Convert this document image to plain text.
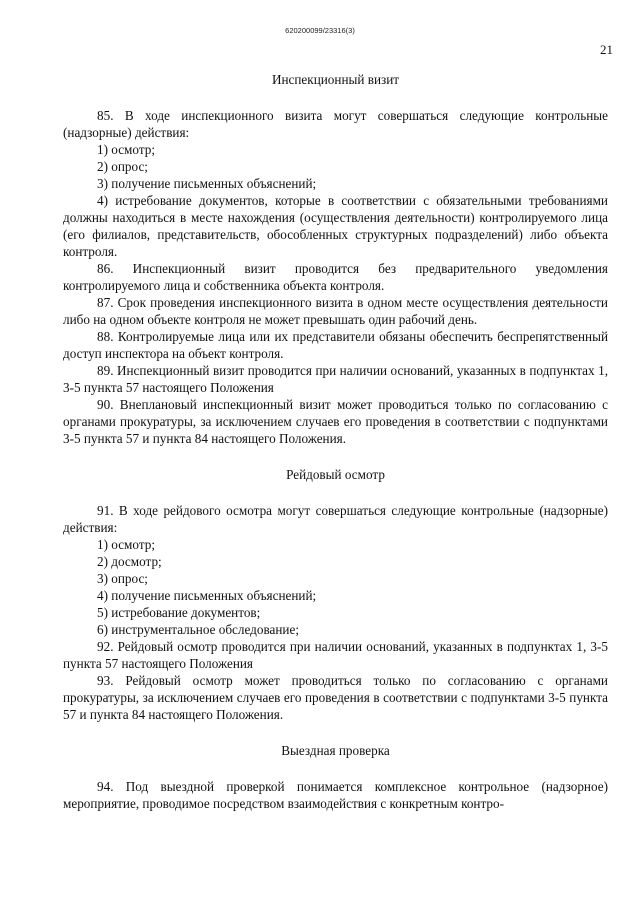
620200099/23316(3)
21
Инспекционный визит

85. В ходе инспекционного визита могут совершаться следующие контрольные (надзорные) действия:

1) осмотр;
2) опрос;
3) получение письменных объяснений;

4) истребование документов, которые в соответствии с обязательными требованиями должны находиться в месте нахождения (осуществления деятельности) контролируемого лица (его филиалов, представительств, обособленных структурных подразделений) либо объекта контроля.

86. Инспекционный визит проводится без предварительного уведомления контролируемого лица и собственника объекта контроля.

87. Срок проведения инспекционного визита в одном месте осуществления деятельности либо на одном объекте контроля не может превышать один рабочий день.

88. Контролируемые лица или их представители обязаны обеспечить беспрепятственный доступ инспектора на объект контроля.

89. Инспекционный визит проводится при наличии оснований, указанных в подпунктах 1, 3-5 пункта 57 настоящего Положения

90. Внеплановый инспекционный визит может проводиться только по согласованию с органами прокуратуры, за исключением случаев его проведения в соответствии с подпунктами 3-5 пункта 57 и пункта 84 настоящего Положения.

Рейдовый осмотр

91. В ходе рейдового осмотра могут совершаться следующие контрольные (надзорные) действия:

1) осмотр;
2) досмотр;
3) опрос;
4) получение письменных объяснений;
5) истребование документов;
6) инструментальное обследование;

92. Рейдовый осмотр проводится при наличии оснований, указанных в подпунктах 1, 3-5 пункта 57 настоящего Положения

93. Рейдовый осмотр может проводиться только по согласованию с органами прокуратуры, за исключением случаев его проведения в соответствии с подпунктами 3-5 пункта 57 и пункта 84 настоящего Положения.

Выездная проверка

94. Под выездной проверкой понимается комплексное контрольное (надзорное) мероприятие, проводимое посредством взаимодействия с конкретным контро-
